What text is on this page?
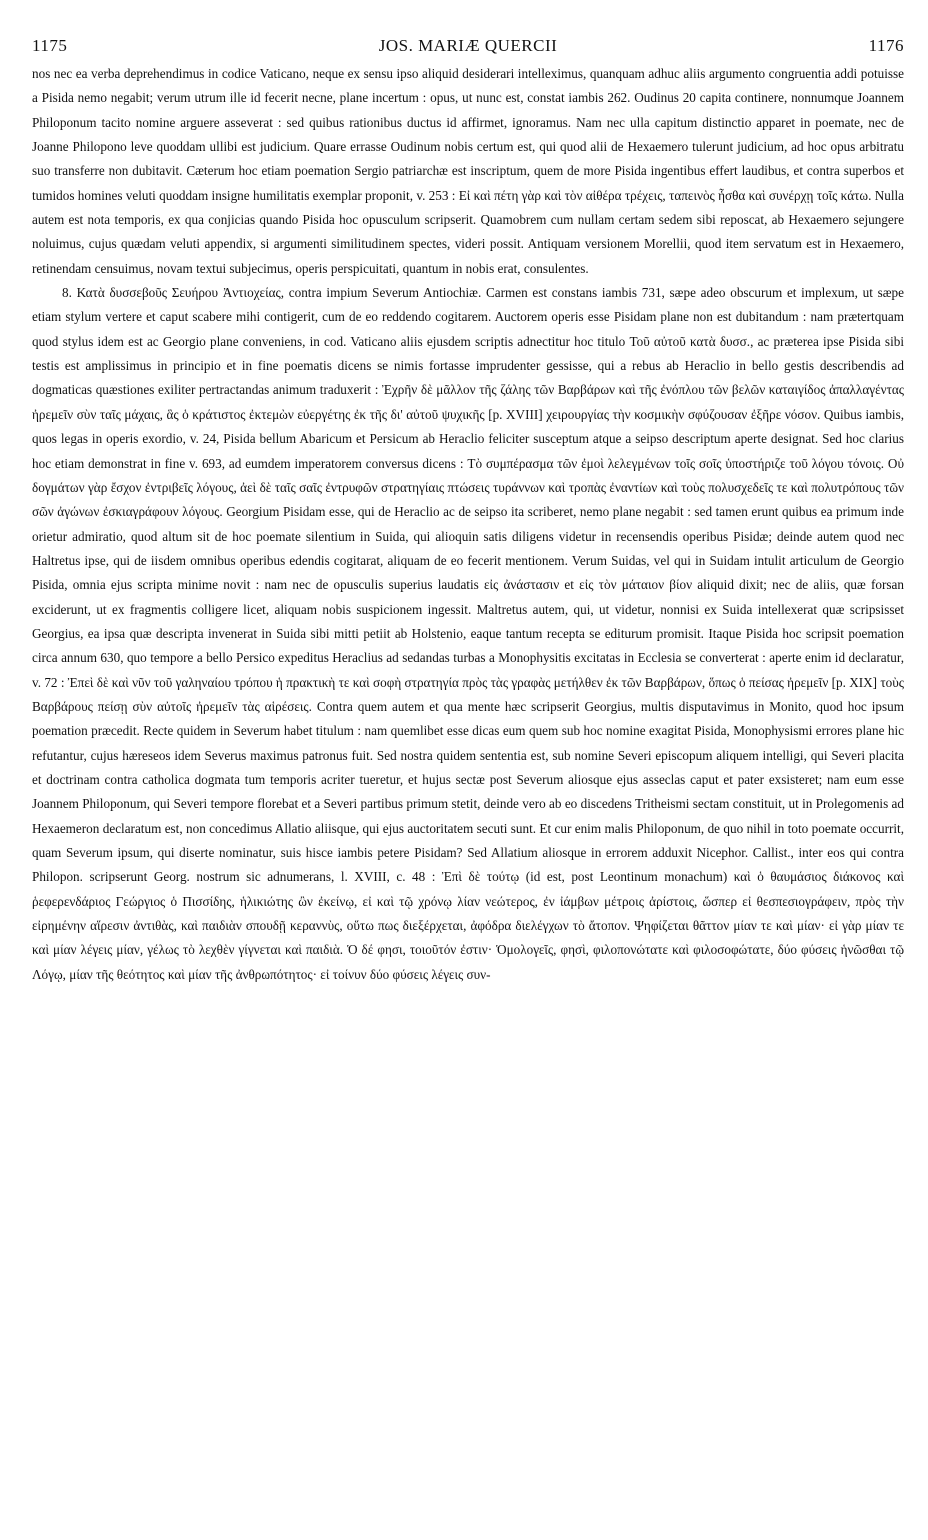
1175	JOS. MARIÆ QUERCII	1176

nos nec ea verba deprehendimus in codice Vaticano, neque ex sensu ipso aliquid desiderari intelleximus, quanquam adhuc aliis argumento congruentia addi potuisse a Pisida nemo negabit; verum utrum ille id fecerit necne, plane incertum : opus, ut nunc est, constat iambis 262. Oudinus 20 capita continere, nonnumque Joannem Philoponum tacito nomine arguere asseverat : sed quibus rationibus ductus id affirmet, ignoramus. Nam nec ulla capitum distinctio apparet in poemate, nec de Joanne Philopono leve quoddam ullibi est judicium. Quare errasse Oudinum nobis certum est, qui quod alii de Hexaemero tulerunt judicium, ad hoc opus arbitratu suo transferre non dubitavit. Cæterum hoc etiam poemation Sergio patriarchæ est inscriptum, quem de more Pisida ingentibus effert laudibus, et contra superbos et tumidos homines veluti quoddam insigne humilitatis exemplar proponit, v. 253 : Εἰ καὶ πέτη γὰρ καὶ τὸν αἰθέρα τρέχεις, ταπεινὸς ἦσθα καὶ συνέρχῃ τοῖς κάτω. Nulla autem est nota temporis, ex qua conjicias quando Pisida hoc opusculum scripserit. Quamobrem cum nullam certam sedem sibi reposcat, ab Hexaemero sejungere noluimus, cujus quædam veluti appendix, si argumenti similitudinem spectes, videri possit. Antiquam versionem Morellii, quod item servatum est in Hexaemero, retinendam censuimus, novam textui subjecimus, operis perspicuitati, quantum in nobis erat, consulentes.

8. Κατὰ δυσσεβοῦς Σευήρου Ἀντιοχείας, contra impium Severum Antiochiæ. Carmen est constans iambis 731, sæpe adeo obscurum et implexum, ut sæpe etiam stylum vertere et caput scabere mihi contigerit, cum de eo reddendo cogitarem. Auctorem operis esse Pisidam plane non est dubitandum : nam prætertquam quod stylus idem est ac Georgio plane conveniens, in cod. Vaticano aliis ejusdem scriptis adnectitur hoc titulo Τοῦ αὐτοῦ κατὰ δυσσ., ac præterea ipse Pisida sibi testis est amplissimus in principio et in fine poematis dicens se nimis fortasse imprudenter gessisse, qui a rebus ab Heraclio in bello gestis describendis ad dogmaticas quæstiones exiliter pertractandas animum traduxerit : Ἐχρῆν δὲ μᾶλλον τῆς ζάλης τῶν Βαρβάρων καὶ τῆς ἐνόπλου τῶν βελῶν καταιγίδος ἀπαλλαγέντας ἠρεμεῖν σὺν ταῖς μάχαις, ἃς ὁ κράτιστος ἐκτεμὼν εὐεργέτης ἐκ τῆς δι' αὐτοῦ ψυχικῆς [p. XVIII] χειρουργίας τὴν κοσμικὴν σφύζουσαν ἐξῆρε νόσον. Quibus iambis, quos legas in operis exordio, v. 24, Pisida bellum Abaricum et Persicum ab Heraclio feliciter susceptum atque a seipso descriptum aperte designat. Sed hoc clarius hoc etiam demonstrat in fine v. 693, ad eumdem imperatorem conversus dicens : Τὸ συμπέρασμα τῶν ἐμοὶ λελεγμένων τοῖς σοῖς ὑποστήριζε τοῦ λόγου τόνοις. Οὐ δογμάτων γὰρ ἔσχον ἐντριβεῖς λόγους, ἀεὶ δὲ ταῖς σαῖς ἐντρυφῶν στρατηγίαις πτώσεις τυράννων καὶ τροπὰς ἐναντίων καὶ τοὺς πολυσχεδεῖς τε καὶ πολυτρόπους τῶν σῶν ἀγώνων ἐσκιαγράφουν λόγους. Georgium Pisidam esse, qui de Heraclio ac de seipso ita scriberet, nemo plane negabit : sed tamen erunt quibus ea primum inde orietur admiratio, quod altum sit de hoc poemate silentium in Suida, qui alioquin satis diligens videtur in recensendis operibus Pisidæ; deinde autem quod nec Haltretus ipse, qui de iisdem omnibus operibus edendis cogitarat, aliquam de eo fecerit mentionem. Verum Suidas, vel qui in Suidam intulit articulum de Georgio Pisida, omnia ejus scripta minime novit : nam nec de opusculis superius laudatis εἰς ἀνάστασιν et εἰς τὸν μάταιον βίον aliquid dixit; nec de aliis, quæ forsan exciderunt, ut ex fragmentis colligere licet, aliquam nobis suspicionem ingessit. Maltretus autem, qui, ut videtur, nonnisi ex Suida intellexerat quæ scripsisset Georgius, ea ipsa quæ descripta invenerat in Suida sibi mitti petiit ab Holstenio, eaque tantum recepta se editurum promisit. Itaque Pisida hoc scripsit poemation circa annum 630, quo tempore a bello Persico expeditus Heraclius ad sedandas turbas a Monophysitis excitatas in Ecclesia se converterat : aperte enim id declaratur, v. 72 : Ἐπεὶ δὲ καὶ νῦν τοῦ γαληναίου τρόπου ἡ πρακτικὴ τε καὶ σοφὴ στρατηγία πρὸς τὰς γραφὰς μετήλθεν ἐκ τῶν Βαρβάρων, ὅπως ὁ πείσας ἠρεμεῖν [p. XIX] τοὺς Βαρβάρους πείσῃ σὺν αὐτοῖς ἠρεμεῖν τὰς αἱρέσεις. Contra quem autem et qua mente hæc scripserit Georgius, multis disputavimus in Monito, quod hoc ipsum poemation præcedit. Recte quidem in Severum habet titulum : nam quemlibet esse dicas eum quem sub hoc nomine exagitat Pisida, Monophysismi errores plane hic refutantur, cujus hæreseos idem Severus maximus patronus fuit. Sed nostra quidem sententia est, sub nomine Severi episcopum aliquem intelligi, qui Severi placita et doctrinam contra catholica dogmata tum temporis acriter tueretur, et hujus sectæ post Severum aliosque ejus asseclas caput et pater exsisteret; nam eum esse Joannem Philoponum, qui Severi tempore florebat et a Severi partibus primum stetit, deinde vero ab eo discedens Tritheismi sectam constituit, ut in Prolegomenis ad Hexaemeron declaratum est, non concedimus Allatio aliisque, qui ejus auctoritatem secuti sunt. Et cur enim malis Philoponum, de quo nihil in toto poemate occurrit, quam Severum ipsum, qui diserte nominatur, suis hisce iambis petere Pisidam? Sed Allatium aliosque in errorem adduxit Nicephor. Callist., inter eos qui contra Philopon. scripserunt Georg. nostrum sic adnumerans, l. XVIII, c. 48 : Ἐπὶ δὲ τούτῳ (id est, post Leontinum monachum) καὶ ὁ θαυμάσιος διάκονος καὶ ῥεφερενδάριος Γεώργιος ὁ Πισσίδης, ἡλικιώτης ὢν ἐκείνῳ, εἰ καὶ τῷ χρόνῳ λίαν νεώτερος, ἐν ἰάμβων μέτροις ἀρίστοις, ὥσπερ εἰ θεσπεσιογράφειν, πρὸς τὴν εἰρημένην αἵρεσιν ἀντιθὰς, καὶ παιδιὰν σπουδῇ κεραννὺς, οὕτω πως διεξέρχεται, ἀφόδρα διελέγχων τὸ ἄτοπον. Ψηφίζεται θᾶττον μίαν τε καὶ μίαν· εἰ γὰρ μίαν τε καὶ μίαν λέγεις μίαν, γέλως τὸ λεχθὲν γίγνεται καὶ παιδιὰ. Ὁ δέ φησι, τοιοῦτόν ἐστιν· Ὁμολογεῖς, φησὶ, φιλοπονώτατε καὶ φιλοσοφώτατε, δύο φύσεις ἡνῶσθαι τῷ Λόγῳ, μίαν τῆς θεότητος καὶ μίαν τῆς ἀνθρωπότητος· εἰ τοίνυν δύο φύσεις λέγεις συν-
